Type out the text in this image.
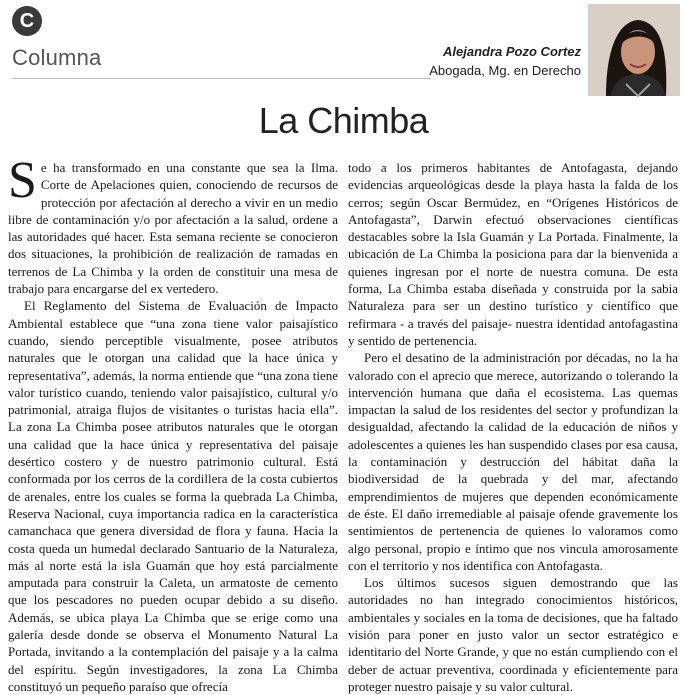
C
Columna	Alejandra Pozo Cortez
Abogada, Mg. en Derecho
La Chimba

Se ha transformado en una constante que sea la Ilma. Corte de Apelaciones quien, conociendo de recursos de protección por afectación al derecho a vivir en un medio libre de contaminación y/o por afectación a la salud, ordene a las autoridades qué hacer. Esta semana reciente se conocieron dos situaciones, la prohibición de realización de ramadas en terrenos de La Chimba y la orden de constituir una mesa de trabajo para encargarse del ex vertedero.

El Reglamento del Sistema de Evaluación de Impacto Ambiental establece que “una zona tiene valor paisajístico cuando, siendo perceptible visualmente, posee atributos naturales que le otorgan una calidad que la hace única y representativa”, además, la norma entiende que “una zona tiene valor turístico cuando, teniendo valor paisajístico, cultural y/o patrimonial, atraiga flujos de visitantes o turistas hacia ella”. La zona La Chimba posee atributos naturales que le otorgan una calidad que la hace única y representativa del paisaje desértico costero y de nuestro patrimonio cultural. Está conformada por los cerros de la cordillera de la costa cubiertos de arenales, entre los cuales se forma la quebrada La Chimba, Reserva Nacional, cuya importancia radica en la característica camanchaca que genera diversidad de flora y fauna. Hacia la costa queda un humedal declarado Santuario de la Naturaleza, más al norte está la isla Guamán que hoy está parcialmente amputada para construir la Caleta, un armatoste de cemento que los pescadores no pueden ocupar debido a su diseño. Además, se ubica playa La Chimba que se erige como una galería desde donde se observa el Monumento Natural La Portada, invitando a la contemplación del paisaje y a la calma del espíritu. Según investigadores, la zona La Chimba constituyó un pequeño paraíso que ofrecía

todo a los primeros habitantes de Antofagasta, dejando evidencias arqueológicas desde la playa hasta la falda de los cerros; según Oscar Bermúdez, en “Orígenes Históricos de Antofagasta”, Darwin efectuó observaciones científicas destacables sobre la Isla Guamán y La Portada. Finalmente, la ubicación de La Chimba la posiciona para dar la bienvenida a quienes ingresan por el norte de nuestra comuna. De esta forma, La Chimba estaba diseñada y construida por la sabia Naturaleza para ser un destino turístico y científico que refirmara - a través del paisaje- nuestra identidad antofagastina y sentido de pertenencia.

Pero el desatino de la administración por décadas, no la ha valorado con el aprecio que merece, autorizando o tolerando la intervención humana que daña el ecosistema. Las quemas impactan la salud de los residentes del sector y profundizan la desigualdad, afectando la calidad de la educación de niños y adolescentes a quienes les han suspendido clases por esa causa, la contaminación y destrucción del hábitat daña la biodiversidad de la quebrada y del mar, afectando emprendimientos de mujeres que dependen económicamente de éste. El daño irremediable al paisaje ofende gravemente los sentimientos de pertenencia de quienes lo valoramos como algo personal, propio e íntimo que nos vincula amorosamente con el territorio y nos identifica con Antofagasta.

Los últimos sucesos siguen demostrando que las autoridades no han integrado conocimientos históricos, ambientales y sociales en la toma de decisiones, que ha faltado visión para poner en justo valor un sector estratégico e identitario del Norte Grande, y que no están cumpliendo con el deber de actuar preventiva, coordinada y eficientemente para proteger nuestro paisaje y su valor cultural.
